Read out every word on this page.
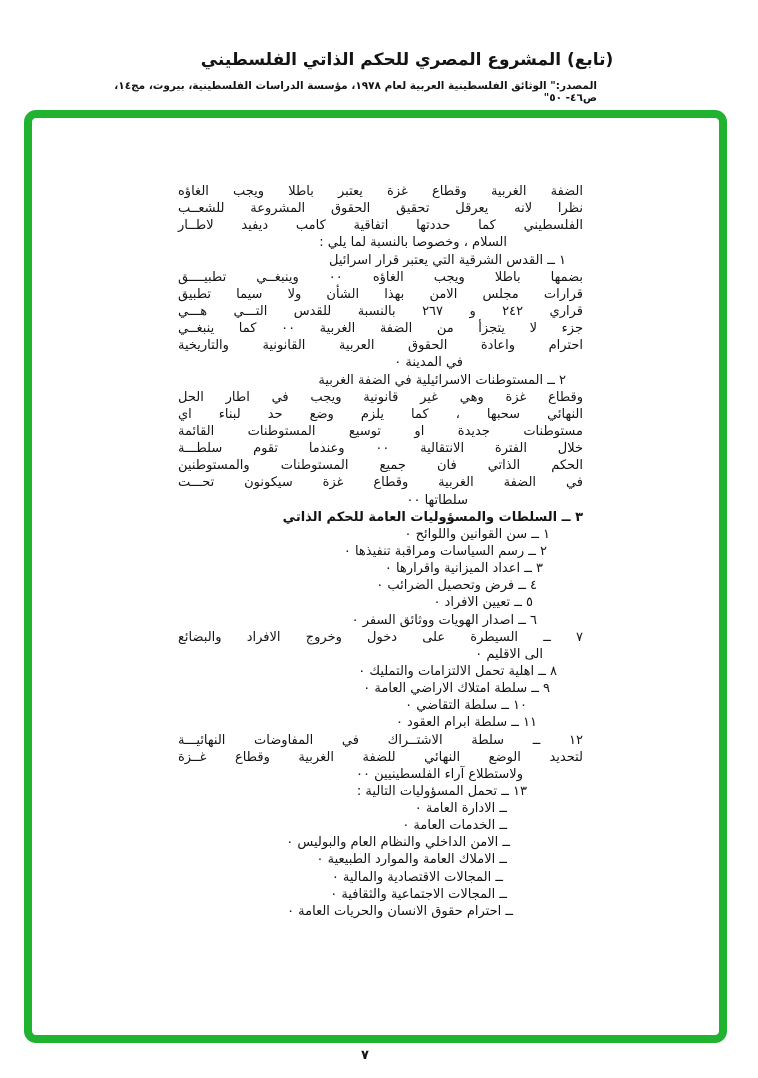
(تابع) المشروع المصري للحكم الذاتي الفلسطيني
المصدر:" الوثائق الفلسطينية العربية لعام ١٩٧٨، مؤسسة الدراسات الفلسطينية، بيروت، مج١٤، ص٤٦- ٥٠"
الضفة الغربية وقطاع غزة يعتبر باطلا ويجب الغاؤه
نظرا لانه يعرقل تحقيق الحقوق المشروعة للشعــب
الفلسطيني كما حددتها اتفاقية كامب ديفيد لاطــار
السلام ، وخصوصا بالنسبة لما يلي :
١ ــ القدس الشرقية التي يعتبر قرار اسرائيل
بضمها باطلا ويجب الغاؤه ٠٠ وينبغــي تطبيــــق
قرارات مجلس الامن بهذا الشأن ولا سيما تطبيق
قراري ٢٤٢ و ٢٦٧ بالنسبة للقدس التـــي هـــي
جزء لا يتجزأ من الضفة الغربية ٠٠ كما ينبغــي
احترام واعادة الحقوق العربية القانونية والتاريخية
في المدينة ٠
٢ ــ المستوطنات الاسرائيلية في الضفة الغربية
وقطاع غزة وهي غير قانونية ويجب في اطار الحل
النهائي سحبها ، كما يلزم وضع حد لبناء اي
مستوطنات جديدة او توسيع المستوطنات القائمة
خلال الفترة الانتقالية ٠٠ وعندما تقوم سلطـــة
الحكم الذاتي فان جميع المستوطنات والمستوطنين
في الضفة الغربية وقطاع غزة سيكونون تحـــت
سلطاتها ٠٠
٣ ــ السلطات والمسؤوليات العامة للحكم الذاتي
١ ــ سن القوانين واللوائح ٠
٢ ــ رسم السياسات ومراقبة تنفيذها ٠
٣ ــ اعداد الميزانية واقرارها ٠
٤ ــ فرض وتحصيل الضرائب ٠
٥ ــ تعيين الافراد ٠
٦ ــ اصدار الهويات ووثائق السفر ٠
٧ ــ السيطرة على دخول وخروج الافراد والبضائع
الى الاقليم ٠
٨ ــ اهلية تحمل الالتزامات والتمليك ٠
٩ ــ سلطة امتلاك الاراضي العامة ٠
١٠ ــ سلطة التقاضي ٠
١١ ــ سلطة ابرام العقود ٠
١٢ ــ سلطة الاشتــراك في المفاوضات النهائيـــة
لتحديد الوضع النهائي للضفة الغربية وقطاع غــزة
ولاستطلاع آراء الفلسطينيين ٠٠
١٣ ــ تحمل المسؤوليات التالية :
ــ الادارة العامة ٠
ــ الخدمات العامة ٠
ــ الامن الداخلي والنظام العام والبوليس ٠
ــ الاملاك العامة والموارد الطبيعية ٠
ــ المجالات الاقتصادية والمالية ٠
ــ المجالات الاجتماعية والثقافية ٠
ــ احترام حقوق الانسان والحريات العامة ٠
٧
